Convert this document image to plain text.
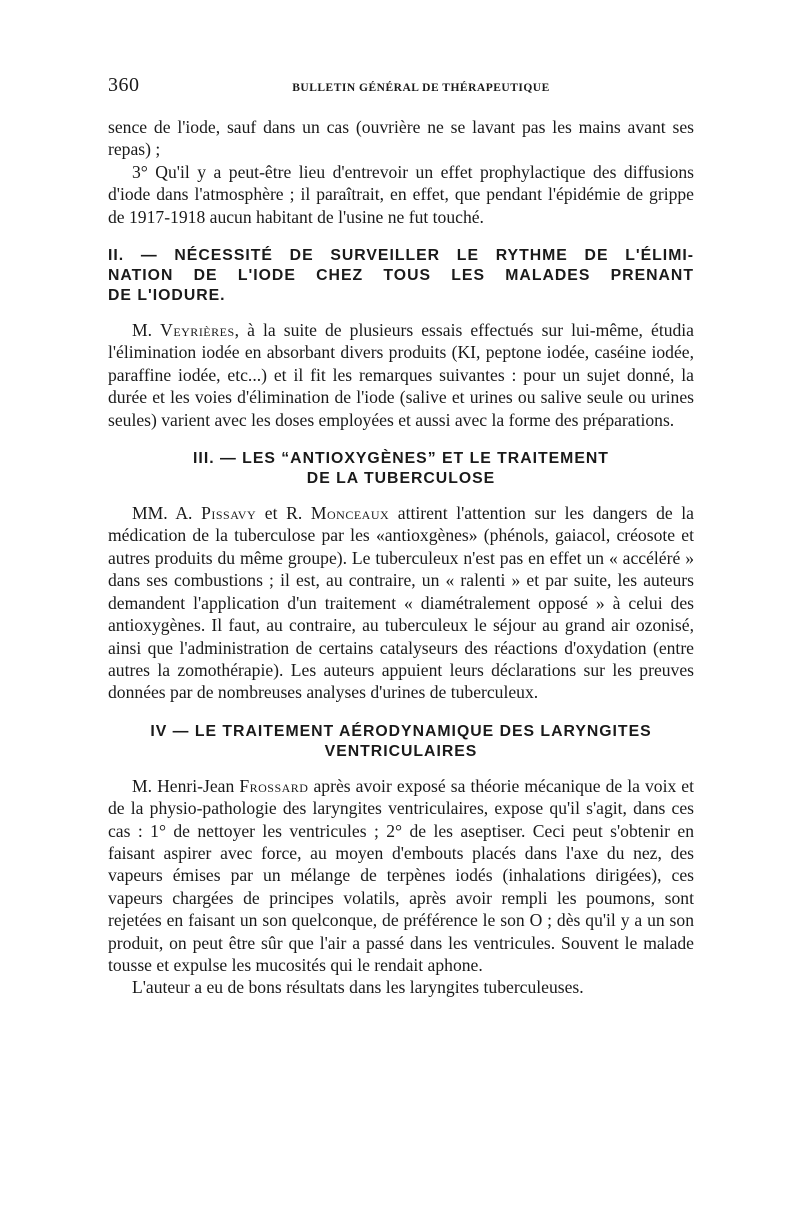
360	BULLETIN GÉNÉRAL DE THÉRAPEUTIQUE

sence de l'iode, sauf dans un cas (ouvrière ne se lavant pas les mains avant ses repas) ;

3° Qu'il y a peut-être lieu d'entrevoir un effet prophylactique des diffusions d'iode dans l'atmosphère ; il paraîtrait, en effet, que pendant l'épidémie de grippe de 1917-1918 aucun habitant de l'usine ne fut touché.

II. — NÉCESSITÉ DE SURVEILLER LE RYTHME DE L'ÉLIMI-
NATION DE L'IODE CHEZ TOUS LES MALADES PRENANT
DE L'IODURE.

M. Veyrières, à la suite de plusieurs essais effectués sur lui-même, étudia l'élimination iodée en absorbant divers produits (KI, peptone iodée, caséine iodée, paraffine iodée, etc...) et il fit les remarques suivantes : pour un sujet donné, la durée et les voies d'élimination de l'iode (salive et urines ou salive seule ou urines seules) varient avec les doses employées et aussi avec la forme des préparations.

III. — LES “ANTIOXYGÈNES” ET LE TRAITEMENT
DE LA TUBERCULOSE

MM. A. Pissavy et R. Monceaux attirent l'attention sur les dangers de la médication de la tuberculose par les «antioxgènes» (phénols, gaiacol, créosote et autres produits du même groupe). Le tuberculeux n'est pas en effet un « accéléré » dans ses combustions ; il est, au contraire, un « ralenti » et par suite, les auteurs demandent l'application d'un traitement « diamétralement opposé » à celui des antioxygènes. Il faut, au contraire, au tuberculeux le séjour au grand air ozonisé, ainsi que l'administration de certains catalyseurs des réactions d'oxydation (entre autres la zomothérapie). Les auteurs appuient leurs déclarations sur les preuves données par de nombreuses analyses d'urines de tuberculeux.

IV — LE TRAITEMENT AÉRODYNAMIQUE DES LARYNGITES
VENTRICULAIRES

M. Henri-Jean Frossard après avoir exposé sa théorie mécanique de la voix et de la physio-pathologie des laryngites ventriculaires, expose qu'il s'agit, dans ces cas : 1° de nettoyer les ventricules ; 2° de les aseptiser. Ceci peut s'obtenir en faisant aspirer avec force, au moyen d'embouts placés dans l'axe du nez, des vapeurs émises par un mélange de terpènes iodés (inhalations dirigées), ces vapeurs chargées de principes volatils, après avoir rempli les poumons, sont rejetées en faisant un son quelconque, de préférence le son O ; dès qu'il y a un son produit, on peut être sûr que l'air a passé dans les ventricules. Souvent le malade tousse et expulse les mucosités qui le rendait aphone.

L'auteur a eu de bons résultats dans les laryngites tuberculeuses.
